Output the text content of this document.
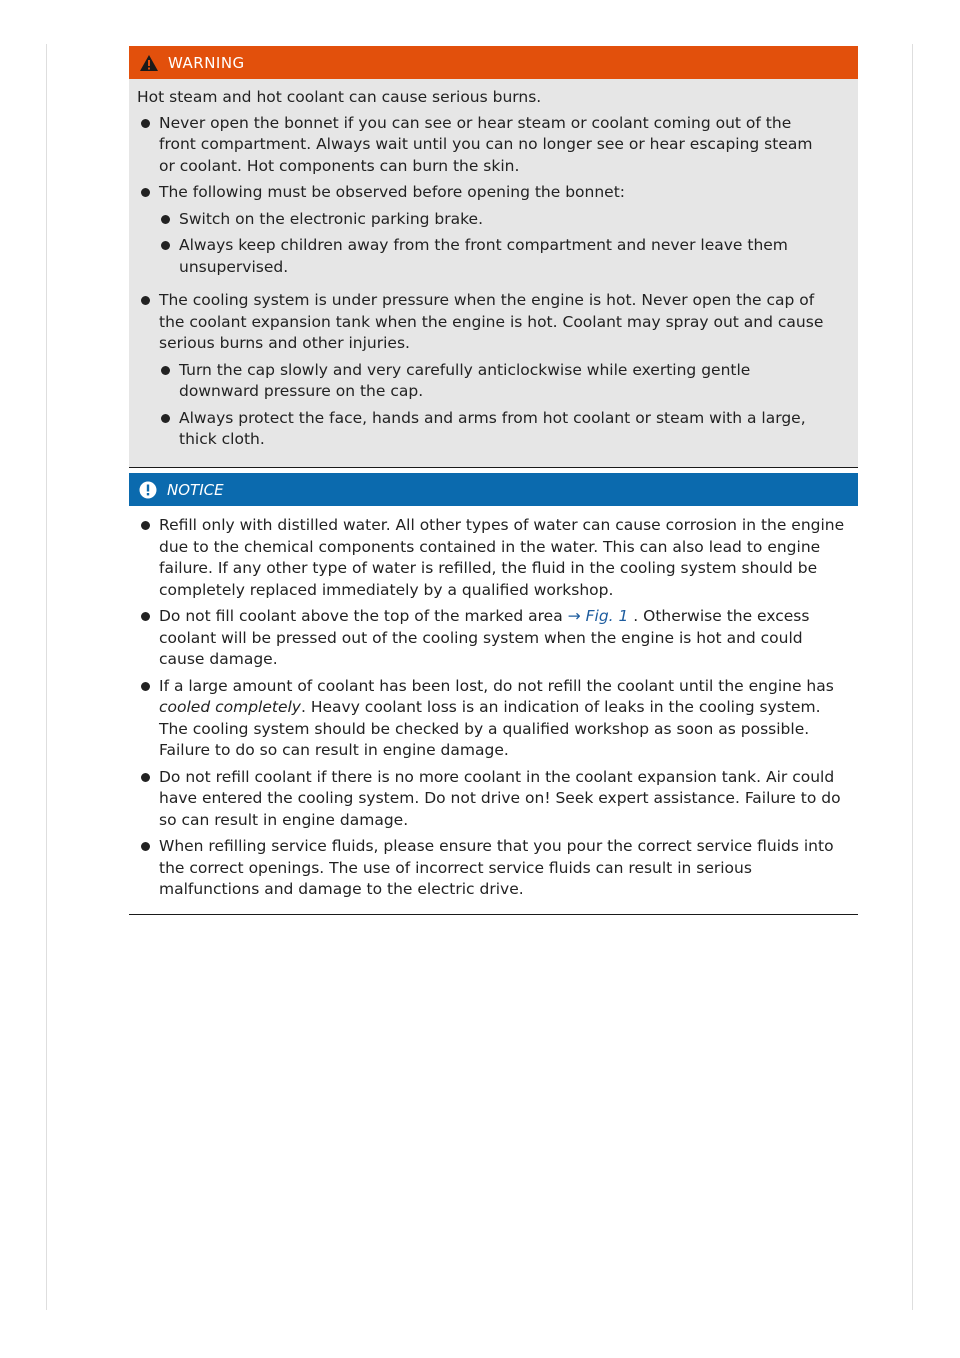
WARNING

Hot steam and hot coolant can cause serious burns.

Never open the bonnet if you can see or hear steam or coolant coming out of the front compartment. Always wait until you can no longer see or hear escaping steam or coolant. Hot components can burn the skin.
The following must be observed before opening the bonnet:
Switch on the electronic parking brake.
Always keep children away from the front compartment and never leave them unsupervised.
The cooling system is under pressure when the engine is hot. Never open the cap of the coolant expansion tank when the engine is hot. Coolant may spray out and cause serious burns and other injuries.
Turn the cap slowly and very carefully anticlockwise while exerting gentle downward pressure on the cap.
Always protect the face, hands and arms from hot coolant or steam with a large, thick cloth.
NOTICE
Refill only with distilled water. All other types of water can cause corrosion in the engine due to the chemical components contained in the water. This can also lead to engine failure. If any other type of water is refilled, the fluid in the cooling system should be completely replaced immediately by a qualified workshop.
Do not fill coolant above the top of the marked area → Fig. 1 . Otherwise the excess coolant will be pressed out of the cooling system when the engine is hot and could cause damage.
If a large amount of coolant has been lost, do not refill the coolant until the engine has cooled completely. Heavy coolant loss is an indication of leaks in the cooling system. The cooling system should be checked by a qualified workshop as soon as possible. Failure to do so can result in engine damage.
Do not refill coolant if there is no more coolant in the coolant expansion tank. Air could have entered the cooling system. Do not drive on! Seek expert assistance. Failure to do so can result in engine damage.
When refilling service fluids, please ensure that you pour the correct service fluids into the correct openings. The use of incorrect service fluids can result in serious malfunctions and damage to the electric drive.
